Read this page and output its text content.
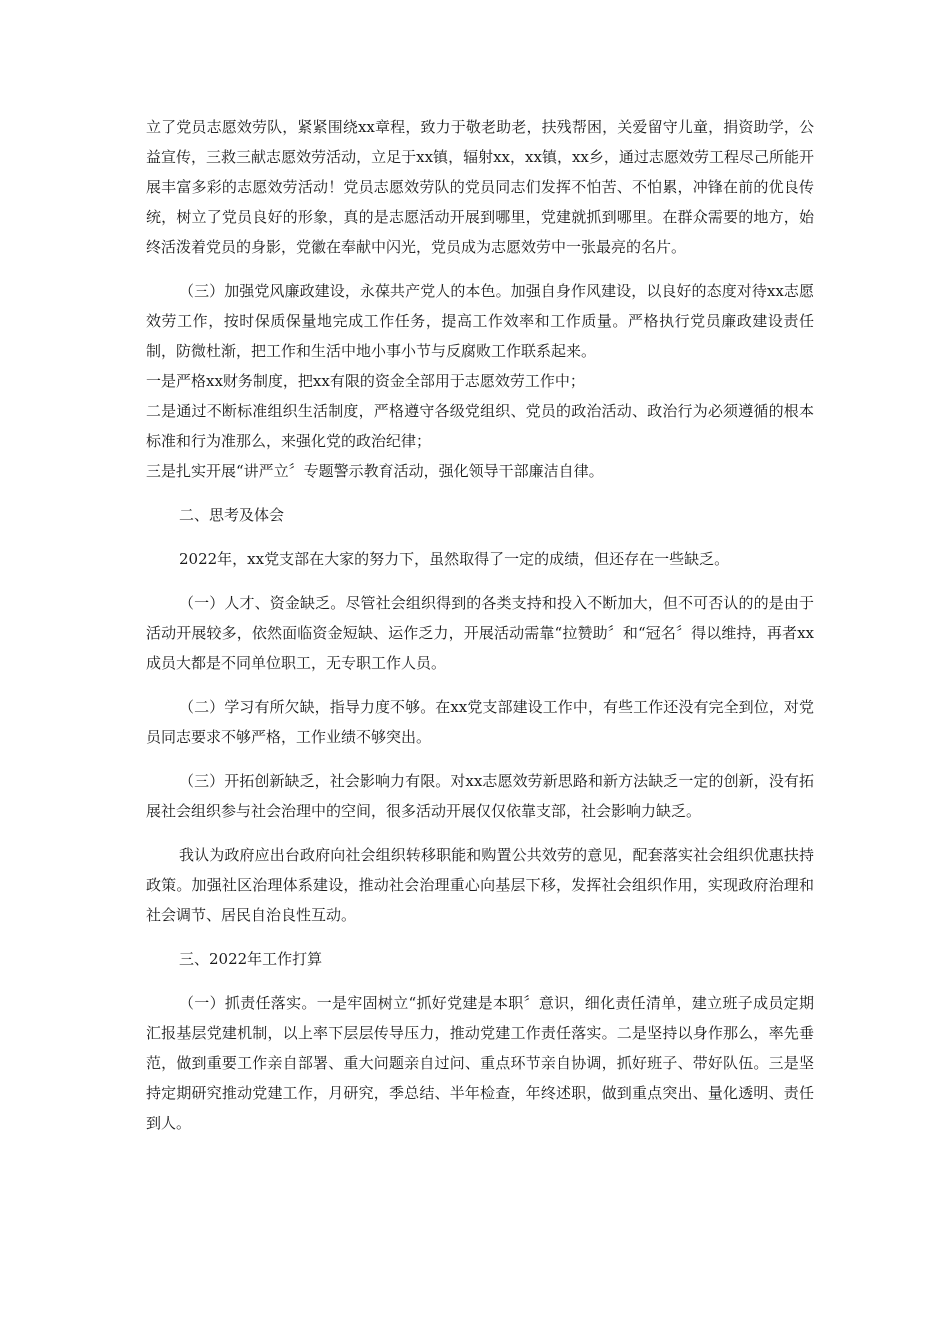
立了党员志愿效劳队，紧紧围绕xx章程，致力于敬老助老，扶残帮困，关爱留守儿童，捐资助学，公益宣传，三救三献志愿效劳活动，立足于xx镇，辐射xx，xx镇，xx乡，通过志愿效劳工程尽己所能开展丰富多彩的志愿效劳活动！党员志愿效劳队的党员同志们发挥不怕苦、不怕累，冲锋在前的优良传统，树立了党员良好的形象，真的是志愿活动开展到哪里，党建就抓到哪里。在群众需要的地方，始终活泼着党员的身影，党徽在奉献中闪光，党员成为志愿效劳中一张最亮的名片。

（三）加强党风廉政建设，永葆共产党人的本色。加强自身作风建设，以良好的态度对待xx志愿效劳工作，按时保质保量地完成工作任务，提高工作效率和工作质量。严格执行党员廉政建设责任制，防微杜渐，把工作和生活中地小事小节与反腐败工作联系起来。

一是严格xx财务制度，把xx有限的资金全部用于志愿效劳工作中；

二是通过不断标准组织生活制度，严格遵守各级党组织、党员的政治活动、政治行为必须遵循的根本标准和行为准那么，来强化党的政治纪律；

三是扎实开展“讲严立〞专题警示教育活动，强化领导干部廉洁自律。

二、思考及体会

2022年，xx党支部在大家的努力下，虽然取得了一定的成绩，但还存在一些缺乏。

（一）人才、资金缺乏。尽管社会组织得到的各类支持和投入不断加大，但不可否认的的是由于活动开展较多，依然面临资金短缺、运作乏力，开展活动需靠“拉赞助〞和“冠名〞得以维持，再者xx成员大都是不同单位职工，无专职工作人员。

（二）学习有所欠缺，指导力度不够。在xx党支部建设工作中，有些工作还没有完全到位，对党员同志要求不够严格，工作业绩不够突出。

（三）开拓创新缺乏，社会影响力有限。对xx志愿效劳新思路和新方法缺乏一定的创新，没有拓展社会组织参与社会治理中的空间，很多活动开展仅仅依靠支部，社会影响力缺乏。

我认为政府应出台政府向社会组织转移职能和购置公共效劳的意见，配套落实社会组织优惠扶持政策。加强社区治理体系建设，推动社会治理重心向基层下移，发挥社会组织作用，实现政府治理和社会调节、居民自治良性互动。

三、2022年工作打算

（一）抓责任落实。一是牢固树立“抓好党建是本职〞意识，细化责任清单，建立班子成员定期汇报基层党建机制，以上率下层层传导压力，推动党建工作责任落实。二是坚持以身作那么，率先垂范，做到重要工作亲自部署、重大问题亲自过问、重点环节亲自协调，抓好班子、带好队伍。三是坚持定期研究推动党建工作，月研究，季总结、半年检查，年终述职，做到重点突出、量化透明、责任到人。
